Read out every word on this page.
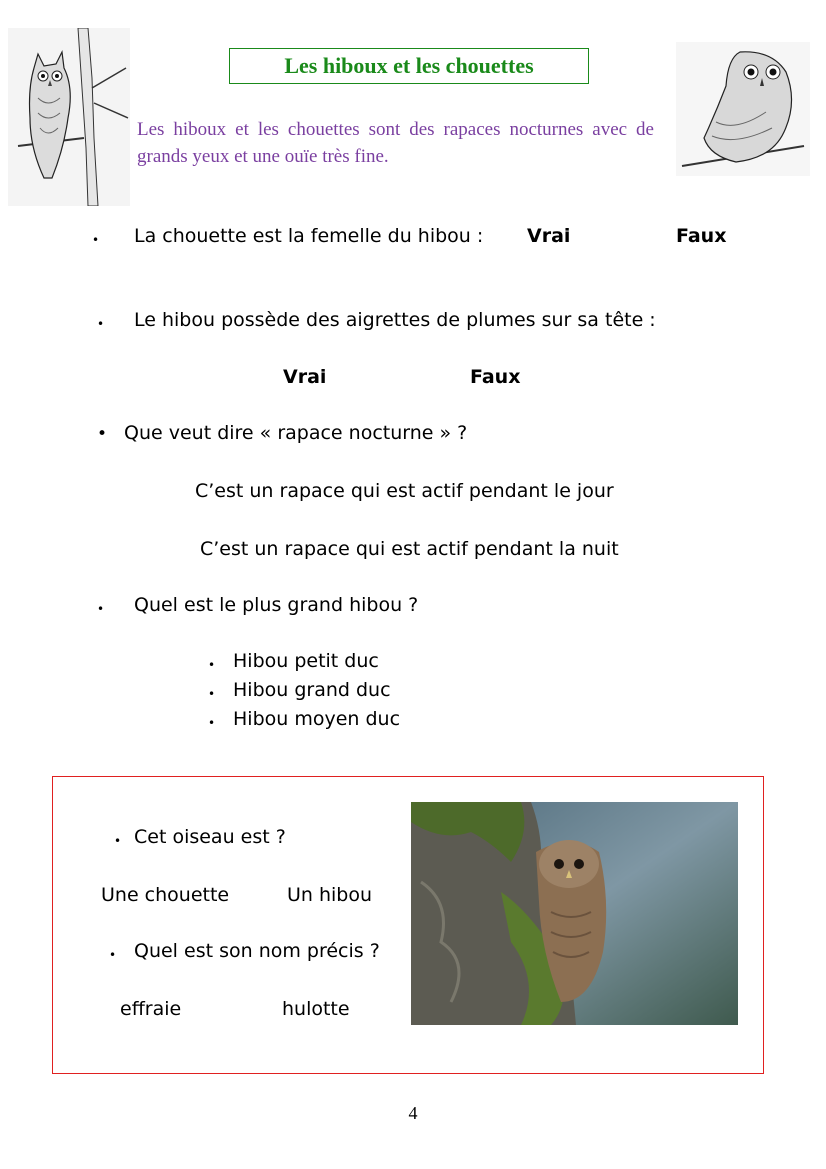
Les hiboux et les chouettes
Les hiboux et les chouettes sont des rapaces nocturnes avec de grands yeux et une ouïe très fine.
• La chouette est la femelle du hibou : Vrai	Faux
• Le hibou possède des aigrettes de plumes sur sa tête :
Vrai	Faux
• Que veut dire « rapace nocturne » ?
C’est un rapace qui est actif pendant le jour
C’est un rapace qui est actif pendant la nuit
• Quel est le plus grand hibou ?
• Hibou petit duc
• Hibou grand duc
• Hibou moyen duc
• Cet oiseau est ?
Une chouette	Un hibou
• Quel est son nom précis ?
effraie	hulotte
4
